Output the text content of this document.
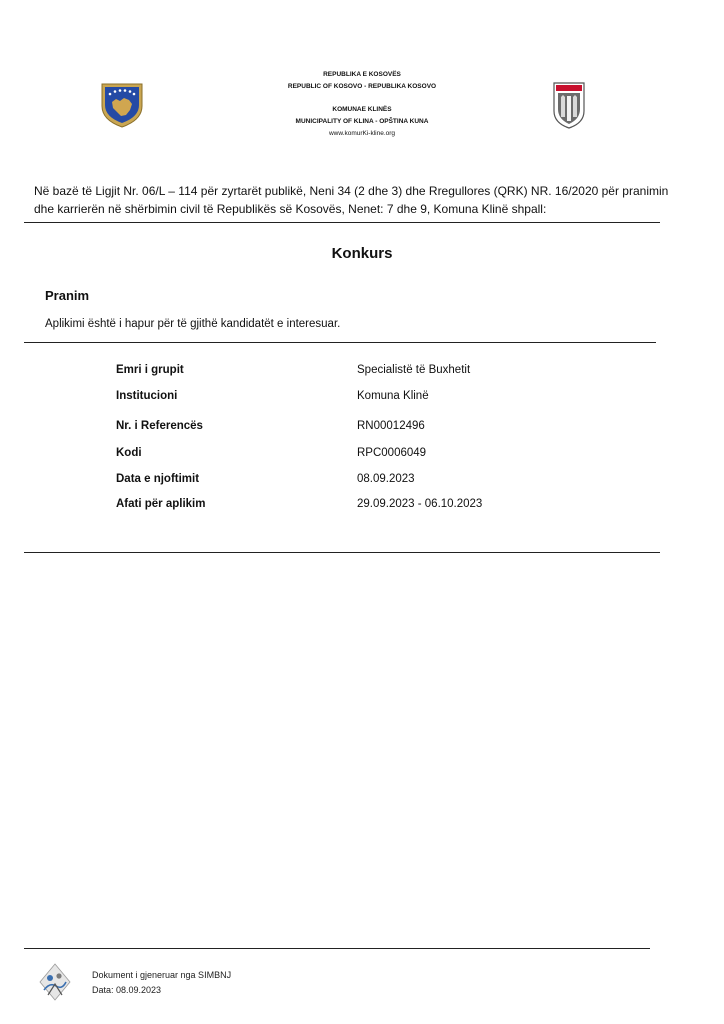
REPUBLIKA E KOSOVËS
REPUBLIC OF KOSOVO - REPUBLIKA KOSOVO
KOMUNAE KLINËS
MUNICIPALITY OF KLINA - OPŠTINA KUNA
www.komurKi-kline.org
Në bazë të Ligjit Nr. 06/L – 114 për zyrtarët publikë, Neni 34 (2 dhe 3) dhe Rregullores (QRK) NR. 16/2020 për pranimin dhe karrierën në shërbimin civil të Republikës së Kosovës, Nenet: 7 dhe 9, Komuna Klinë shpall:
Konkurs
Pranim
Aplikimi është i hapur për të gjithë kandidatët e interesuar.
Emri i grupit	Specialistë të Buxhetit
Institucioni	Komuna Klinë
Nr. i Referencës	RN00012496
Kodi	RPC0006049
Data e njoftimit	08.09.2023
Afati për aplikim	29.09.2023 - 06.10.2023
Dokument i gjeneruar nga SIMBNJ
Data: 08.09.2023
